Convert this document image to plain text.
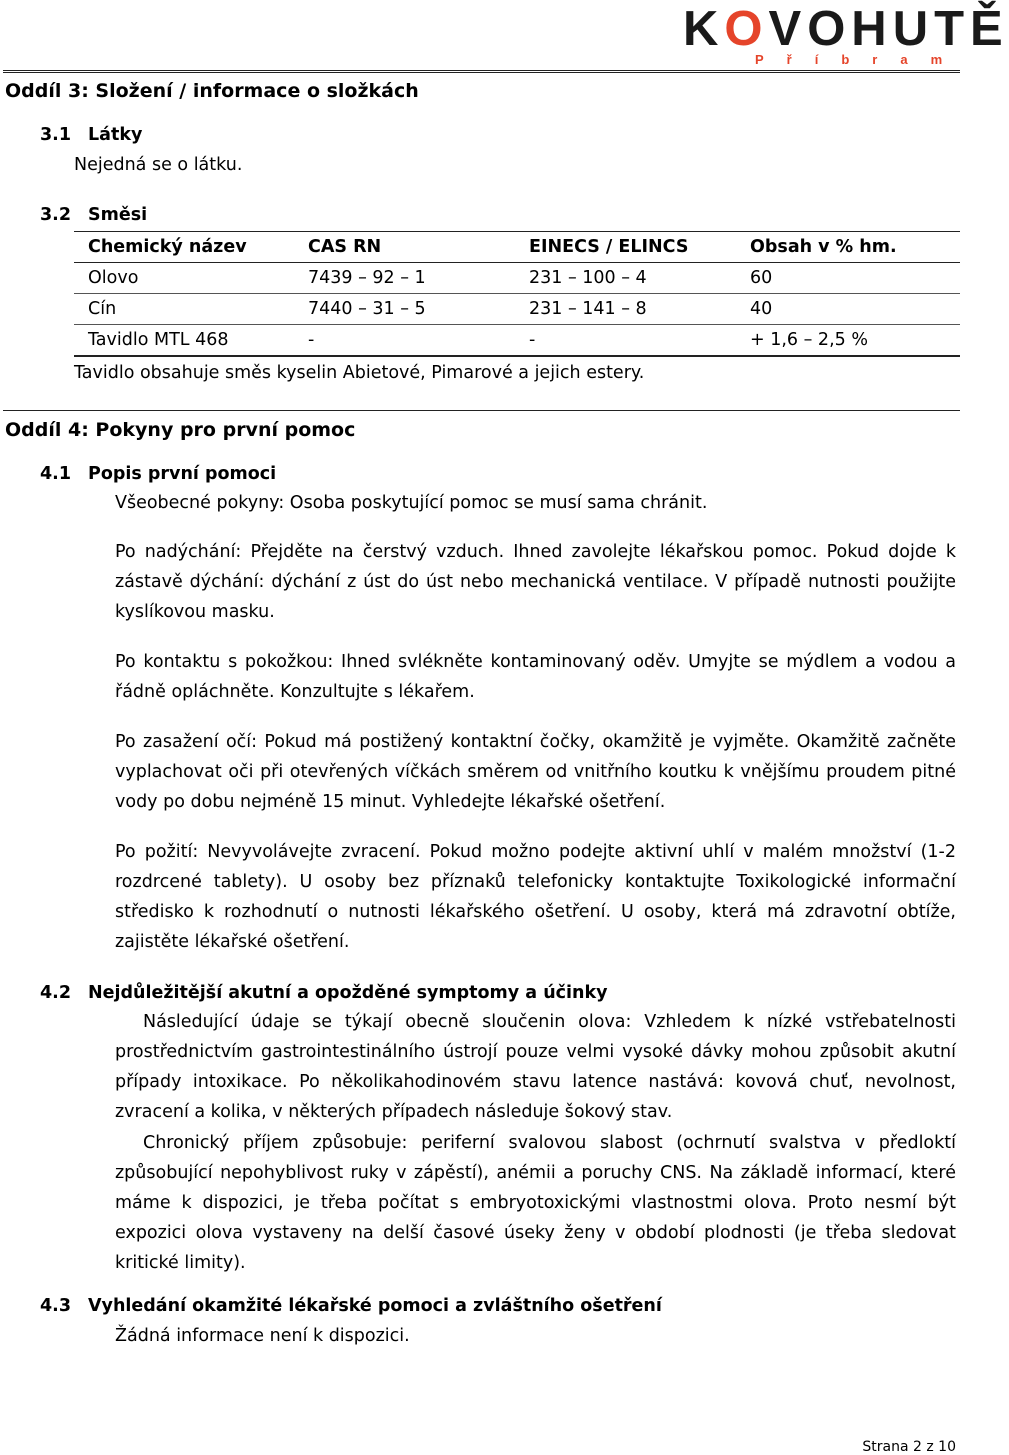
KOVOHUTĚ
Příbram
Oddíl 3: Složení / informace o složkách
3.1 Látky
Nejedná se o látku.
3.2 Směsi
Chemický název	CAS RN	EINECS / ELINCS	Obsah v % hm.
Olovo	7439 – 92 – 1	231 – 100 – 4	60
Cín	7440 – 31 – 5	231 – 141 – 8	40
Tavidlo MTL 468	-	-	+ 1,6 – 2,5 %
Tavidlo obsahuje směs kyselin Abietové, Pimarové a jejich estery.
Oddíl 4: Pokyny pro první pomoc
4.1 Popis první pomoci
Všeobecné pokyny: Osoba poskytující pomoc se musí sama chránit.
Po nadýchání: Přejděte na čerstvý vzduch. Ihned zavolejte lékařskou pomoc. Pokud dojde k zástavě dýchání: dýchání z úst do úst nebo mechanická ventilace. V případě nutnosti použijte kyslíkovou masku.
Po kontaktu s pokožkou: Ihned svlékněte kontaminovaný oděv. Umyjte se mýdlem a vodou a řádně opláchněte. Konzultujte s lékařem.
Po zasažení očí: Pokud má postižený kontaktní čočky, okamžitě je vyjměte. Okamžitě začněte vyplachovat oči při otevřených víčkách směrem od vnitřního koutku k vnějšímu proudem pitné vody po dobu nejméně 15 minut. Vyhledejte lékařské ošetření.
Po požití: Nevyvolávejte zvracení. Pokud možno podejte aktivní uhlí v malém množství (1-2 rozdrcené tablety). U osoby bez příznaků telefonicky kontaktujte Toxikologické informační středisko k rozhodnutí o nutnosti lékařského ošetření. U osoby, která má zdravotní obtíže, zajistěte lékařské ošetření.
4.2 Nejdůležitější akutní a opožděné symptomy a účinky
Následující údaje se týkají obecně sloučenin olova: Vzhledem k nízké vstřebatelnosti prostřednictvím gastrointestinálního ústrojí pouze velmi vysoké dávky mohou způsobit akutní případy intoxikace. Po několikahodinovém stavu latence nastává: kovová chuť, nevolnost, zvracení a kolika, v některých případech následuje šokový stav.
Chronický příjem způsobuje: periferní svalovou slabost (ochrnutí svalstva v předloktí způsobující nepohyblivost ruky v zápěstí), anémii a poruchy CNS. Na základě informací, které máme k dispozici, je třeba počítat s embryotoxickými vlastnostmi olova. Proto nesmí být expozici olova vystaveny na delší časové úseky ženy v období plodnosti (je třeba sledovat kritické limity).
4.3 Vyhledání okamžité lékařské pomoci a zvláštního ošetření
Žádná informace není k dispozici.
Strana 2 z 10
